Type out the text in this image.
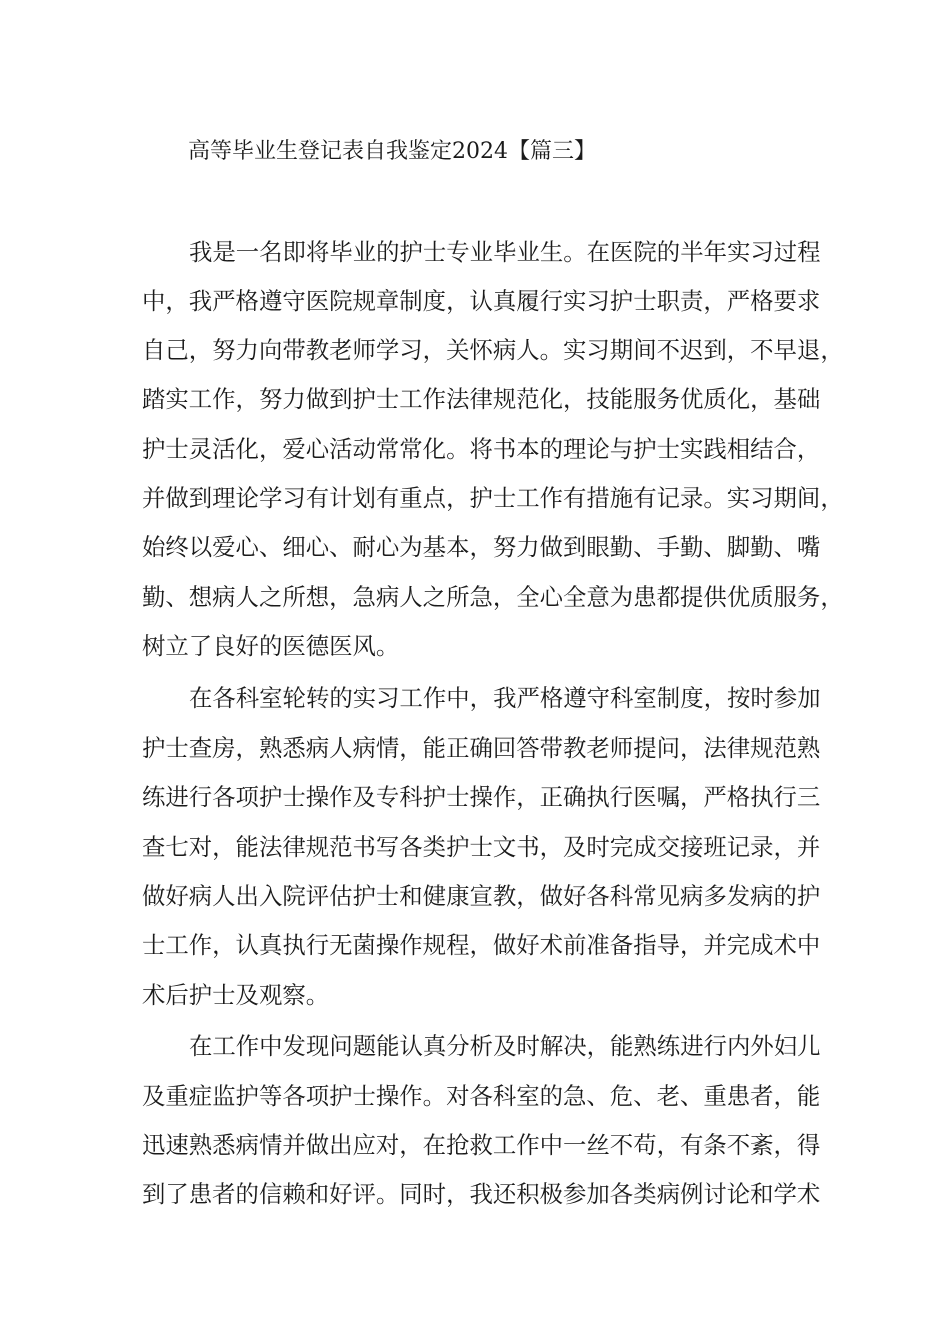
高等毕业生登记表自我鉴定2024【篇三】
我是一名即将毕业的护士专业毕业生。在医院的半年实习过程
中，我严格遵守医院规章制度，认真履行实习护士职责，严格要求
自己，努力向带教老师学习，关怀病人。实习期间不迟到，不早退，
踏实工作，努力做到护士工作法律规范化，技能服务优质化，基础
护士灵活化，爱心活动常常化。将书本的理论与护士实践相结合，
并做到理论学习有计划有重点，护士工作有措施有记录。实习期间，
始终以爱心、细心、耐心为基本，努力做到眼勤、手勤、脚勤、嘴
勤、想病人之所想，急病人之所急，全心全意为患都提供优质服务，
树立了良好的医德医风。
在各科室轮转的实习工作中，我严格遵守科室制度，按时参加
护士查房，熟悉病人病情，能正确回答带教老师提问，法律规范熟
练进行各项护士操作及专科护士操作，正确执行医嘱，严格执行三
查七对，能法律规范书写各类护士文书，及时完成交接班记录，并
做好病人出入院评估护士和健康宣教，做好各科常见病多发病的护
士工作，认真执行无菌操作规程，做好术前准备指导，并完成术中
术后护士及观察。
在工作中发现问题能认真分析及时解决，能熟练进行内外妇儿
及重症监护等各项护士操作。对各科室的急、危、老、重患者，能
迅速熟悉病情并做出应对，在抢救工作中一丝不苟，有条不紊，得
到了患者的信赖和好评。同时，我还积极参加各类病例讨论和学术
